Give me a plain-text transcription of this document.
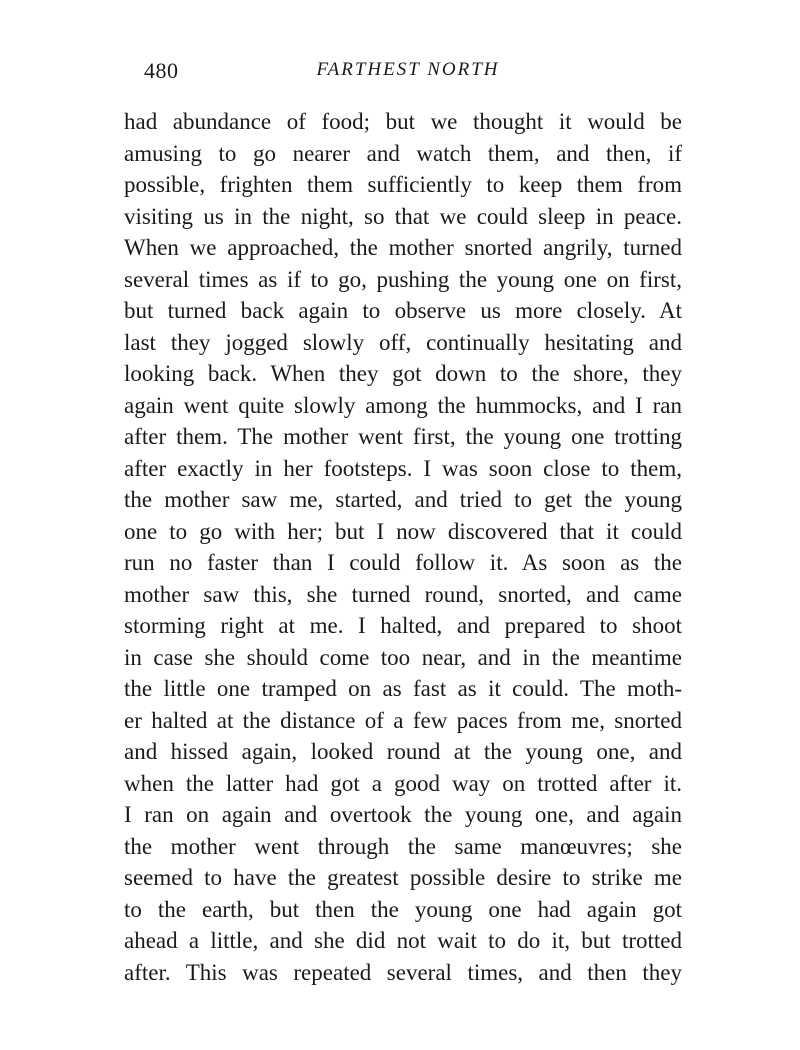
480	FARTHEST NORTH
had abundance of food; but we thought it would be
amusing to go nearer and watch them, and then, if
possible, frighten them sufficiently to keep them from
visiting us in the night, so that we could sleep in peace.
When we approached, the mother snorted angrily, turned
several times as if to go, pushing the young one on first,
but turned back again to observe us more closely. At
last they jogged slowly off, continually hesitating and
looking back. When they got down to the shore, they
again went quite slowly among the hummocks, and I ran
after them. The mother went first, the young one trotting
after exactly in her footsteps. I was soon close to them,
the mother saw me, started, and tried to get the young
one to go with her; but I now discovered that it could
run no faster than I could follow it. As soon as the
mother saw this, she turned round, snorted, and came
storming right at me. I halted, and prepared to shoot
in case she should come too near, and in the meantime
the little one tramped on as fast as it could. The moth-
er halted at the distance of a few paces from me, snorted
and hissed again, looked round at the young one, and
when the latter had got a good way on trotted after it.
I ran on again and overtook the young one, and again
the mother went through the same manœuvres; she
seemed to have the greatest possible desire to strike me
to the earth, but then the young one had again got
ahead a little, and she did not wait to do it, but trotted
after. This was repeated several times, and then they
